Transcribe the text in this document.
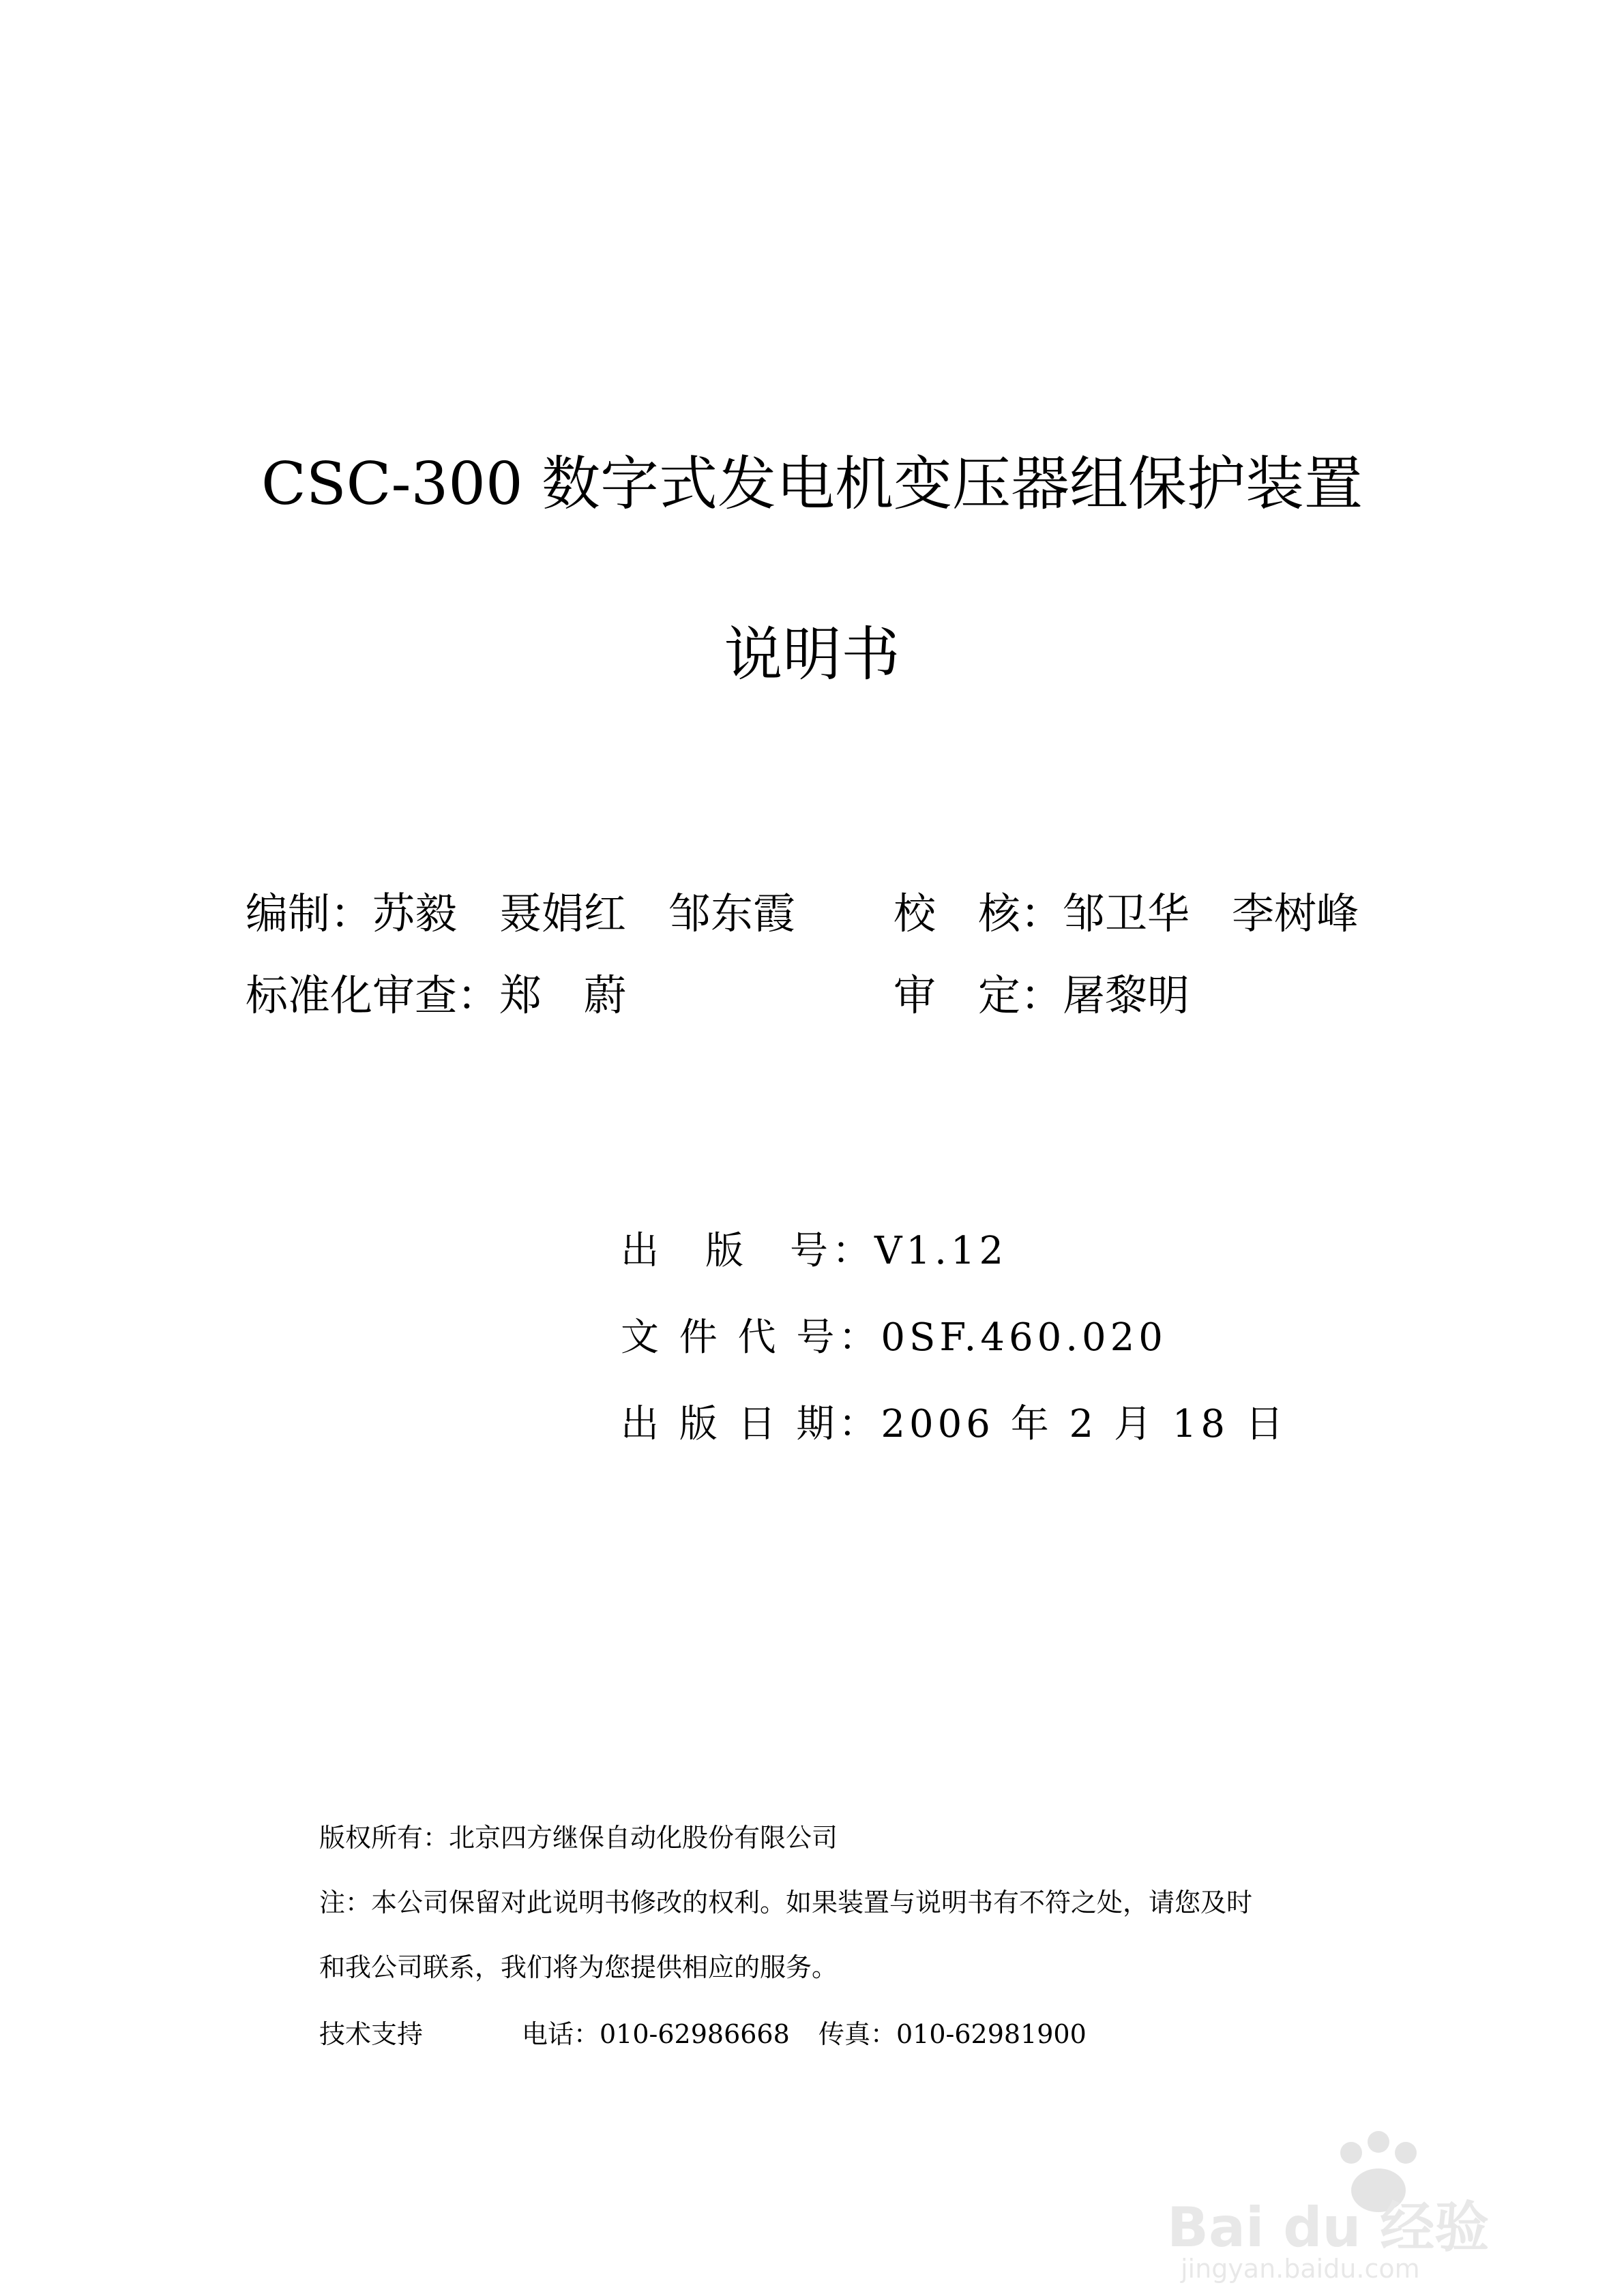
CSC-300 数字式发电机变压器组保护装置
说明书
编制：苏毅　聂娟红　邹东霞 校　核：邹卫华　李树峰
标准化审查：郑　蔚	审　定：屠黎明
出　版　号：V1.12
文 件 代 号：0SF.460.020
出 版 日 期：2006 年 2 月 18 日
版权所有：北京四方继保自动化股份有限公司
注：本公司保留对此说明书修改的权利。如果装置与说明书有不符之处，请您及时
和我公司联系，我们将为您提供相应的服务。
技术支持	电话：010-62986668 传真：010-62981900
Bai du 经验
jingyan.baidu.com
